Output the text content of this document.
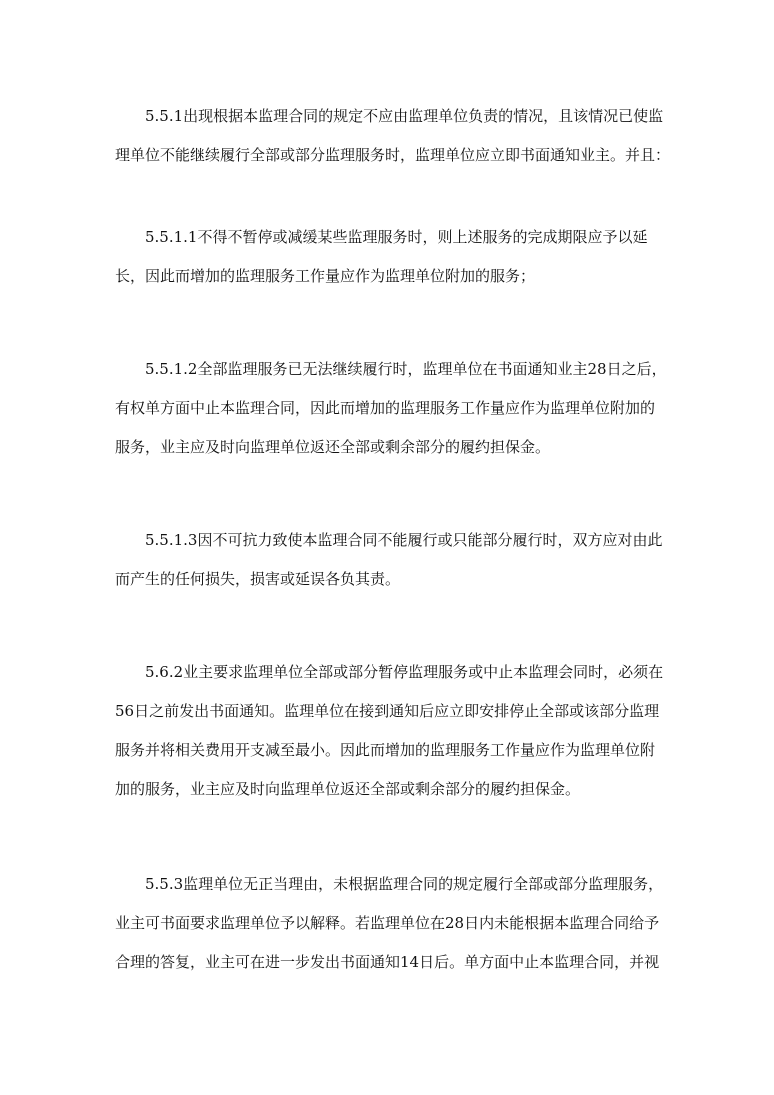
5.5.1出现根据本监理合同的规定不应由监理单位负责的情况，且该情况已使监
理单位不能继续履行全部或部分监理服务时，监理单位应立即书面通知业主。并且：
5.5.1.1不得不暂停或减缓某些监理服务时，则上述服务的完成期限应予以延
长，因此而增加的监理服务工作量应作为监理单位附加的服务；
5.5.1.2全部监理服务已无法继续履行时，监理单位在书面通知业主28日之后，
有权单方面中止本监理合同，因此而增加的监理服务工作量应作为监理单位附加的
服务，业主应及时向监理单位返还全部或剩余部分的履约担保金。
5.5.1.3因不可抗力致使本监理合同不能履行或只能部分履行时，双方应对由此
而产生的任何损失，损害或延误各负其责。
5.6.2业主要求监理单位全部或部分暂停监理服务或中止本监理会同时，必须在
56日之前发出书面通知。监理单位在接到通知后应立即安排停止全部或该部分监理
服务并将相关费用开支减至最小。因此而增加的监理服务工作量应作为监理单位附
加的服务，业主应及时向监理单位返还全部或剩余部分的履约担保金。
5.5.3监理单位无正当理由，未根据监理合同的规定履行全部或部分监理服务，
业主可书面要求监理单位予以解释。若监理单位在28日内未能根据本监理合同给予
合理的答复，业主可在进一步发出书面通知14日后。单方面中止本监理合同，并视
